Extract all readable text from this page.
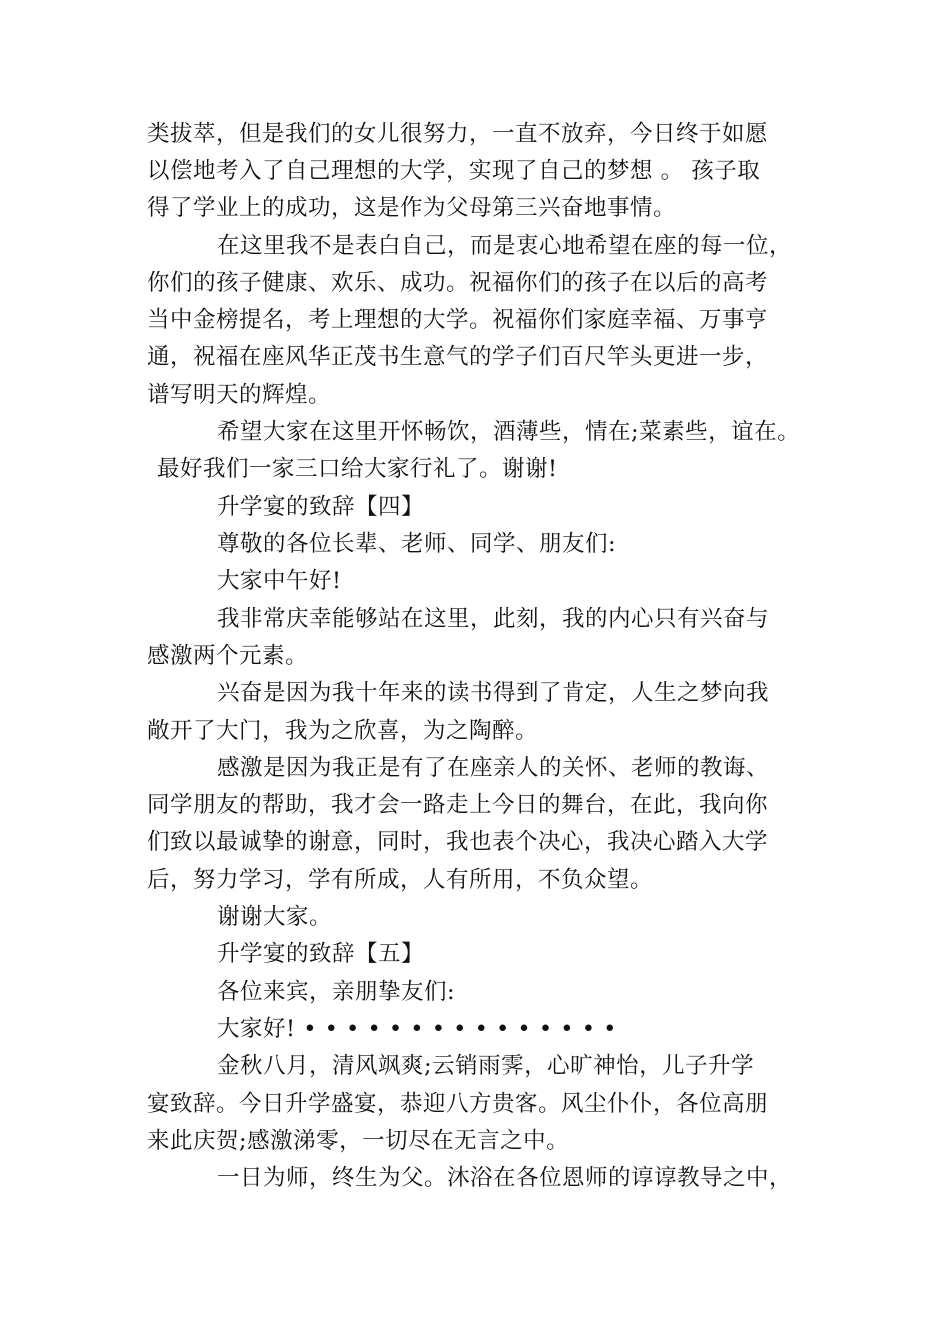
类拔萃，但是我们的女儿很努力，一直不放弃，今日终于如愿
以偿地考入了自己理想的大学，实现了自己的梦想 。 孩子取
得了学业上的成功，这是作为父母第三兴奋地事情。
在这里我不是表白自己，而是衷心地希望在座的每一位，
你们的孩子健康、欢乐、成功。祝福你们的孩子在以后的高考
当中金榜提名，考上理想的大学。祝福你们家庭幸福、万事亨
通，祝福在座风华正茂书生意气的学子们百尺竿头更进一步，
谱写明天的辉煌。
希望大家在这里开怀畅饮，酒薄些，情在;菜素些，谊在。
最好我们一家三口给大家行礼了。谢谢!
升学宴的致辞【四】
尊敬的各位长辈、老师、同学、朋友们:
大家中午好!
我非常庆幸能够站在这里，此刻，我的内心只有兴奋与
感激两个元素。
兴奋是因为我十年来的读书得到了肯定，人生之梦向我
敞开了大门，我为之欣喜，为之陶醉。
感激是因为我正是有了在座亲人的关怀、老师的教诲、
同学朋友的帮助，我才会一路走上今日的舞台，在此，我向你
们致以最诚挚的谢意，同时，我也表个决心，我决心踏入大学
后，努力学习，学有所成，人有所用，不负众望。
谢谢大家。
升学宴的致辞【五】
各位来宾，亲朋挚友们:
大家好! • • • • • • • • • • • • • • •
金秋八月，清风飒爽;云销雨霁，心旷神怡，儿子升学
宴致辞。今日升学盛宴，恭迎八方贵客。风尘仆仆，各位高朋
来此庆贺;感激涕零，一切尽在无言之中。
一日为师，终生为父。沐浴在各位恩师的谆谆教导之中，
